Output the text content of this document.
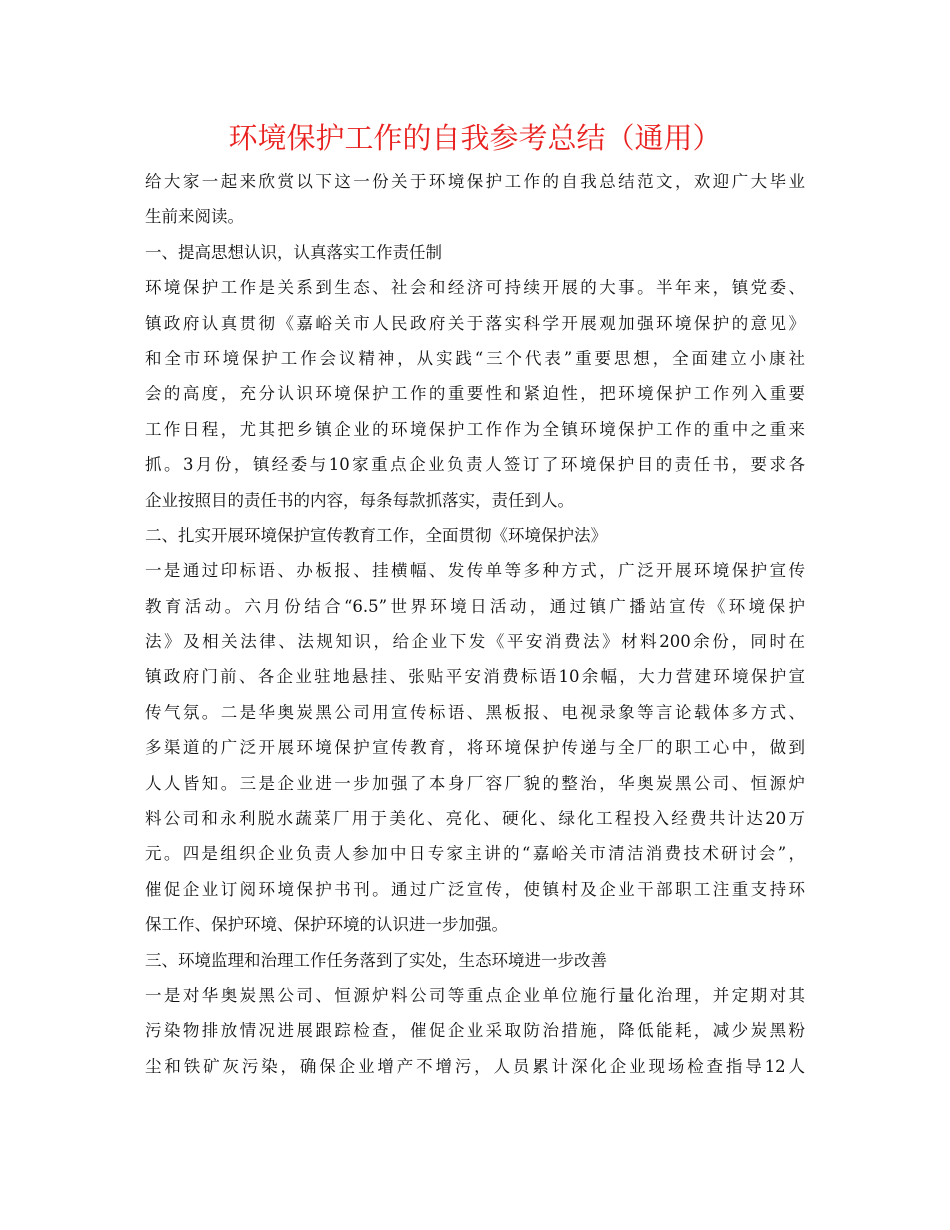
环境保护工作的自我参考总结（通用）
给大家一起来欣赏以下这一份关于环境保护工作的自我总结范文，欢迎广大毕业
生前来阅读。
一、提高思想认识，认真落实工作责任制
环境保护工作是关系到生态、社会和经济可持续开展的大事。半年来，镇党委、
镇政府认真贯彻《嘉峪关市人民政府关于落实科学开展观加强环境保护的意见》
和全市环境保护工作会议精神，从实践“三个代表”重要思想，全面建立小康社
会的高度，充分认识环境保护工作的重要性和紧迫性，把环境保护工作列入重要
工作日程，尤其把乡镇企业的环境保护工作作为全镇环境保护工作的重中之重来
抓。3月份，镇经委与10家重点企业负责人签订了环境保护目的责任书，要求各
企业按照目的责任书的内容，每条每款抓落实，责任到人。
二、扎实开展环境保护宣传教育工作，全面贯彻《环境保护法》
一是通过印标语、办板报、挂横幅、发传单等多种方式，广泛开展环境保护宣传
教育活动。六月份结合“6.5”世界环境日活动，通过镇广播站宣传《环境保护
法》及相关法律、法规知识，给企业下发《平安消费法》材料200余份，同时在
镇政府门前、各企业驻地悬挂、张贴平安消费标语10余幅，大力营建环境保护宣
传气氛。二是华奥炭黑公司用宣传标语、黑板报、电视录象等言论载体多方式、
多渠道的广泛开展环境保护宣传教育，将环境保护传递与全厂的职工心中，做到
人人皆知。三是企业进一步加强了本身厂容厂貌的整治，华奥炭黑公司、恒源炉
料公司和永利脱水蔬菜厂用于美化、亮化、硬化、绿化工程投入经费共计达20万
元。四是组织企业负责人参加中日专家主讲的“嘉峪关市清洁消费技术研讨会”，
催促企业订阅环境保护书刊。通过广泛宣传，使镇村及企业干部职工注重支持环
保工作、保护环境、保护环境的认识进一步加强。
三、环境监理和治理工作任务落到了实处，生态环境进一步改善
一是对华奥炭黑公司、恒源炉料公司等重点企业单位施行量化治理，并定期对其
污染物排放情况进展跟踪检查，催促企业采取防治措施，降低能耗，减少炭黑粉
尘和铁矿灰污染，确保企业增产不增污，人员累计深化企业现场检查指导12人
